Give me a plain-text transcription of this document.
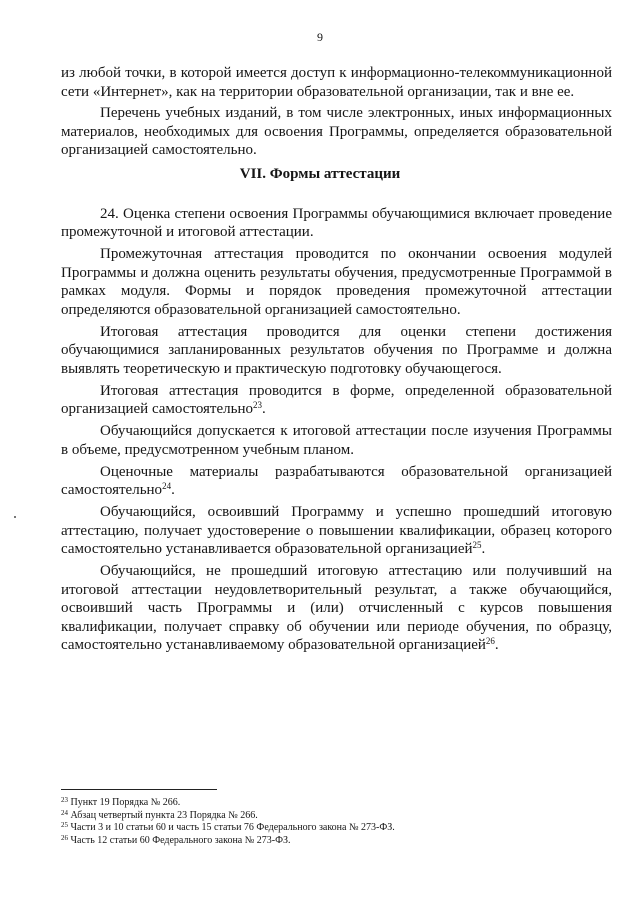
9

из любой точки, в которой имеется доступ к информационно-телекоммуникационной сети «Интернет», как на территории образовательной организации, так и вне ее.

Перечень учебных изданий, в том числе электронных, иных информационных материалов, необходимых для освоения Программы, определяется образовательной организацией самостоятельно.

VII. Формы аттестации

24. Оценка степени освоения Программы обучающимися включает проведение промежуточной и итоговой аттестации.

Промежуточная аттестация проводится по окончании освоения модулей Программы и должна оценить результаты обучения, предусмотренные Программой в рамках модуля. Формы и порядок проведения промежуточной аттестации определяются образовательной организацией самостоятельно.

Итоговая аттестация проводится для оценки степени достижения обучающимися запланированных результатов обучения по Программе и должна выявлять теоретическую и практическую подготовку обучающегося.

Итоговая аттестация проводится в форме, определенной образовательной организацией самостоятельно$^{23}$.

Обучающийся допускается к итоговой аттестации после изучения Программы в объеме, предусмотренном учебным планом.

Оценочные материалы разрабатываются образовательной организацией самостоятельно$^{24}$.

Обучающийся, освоивший Программу и успешно прошедший итоговую аттестацию, получает удостоверение о повышении квалификации, образец которого самостоятельно устанавливается образовательной организацией$^{25}$.

Обучающийся, не прошедший итоговую аттестацию или получивший на итоговой аттестации неудовлетворительный результат, а также обучающийся, освоивший часть Программы и (или) отчисленный с курсов повышения квалификации, получает справку об обучении или периоде обучения, по образцу, самостоятельно устанавливаемому образовательной организацией$^{26}$.

$^{23}$ Пункт 19 Порядка № 266.
$^{24}$ Абзац четвертый пункта 23 Порядка № 266.
$^{25}$ Части 3 и 10 статьи 60 и часть 15 статьи 76 Федерального закона № 273-ФЗ.
$^{26}$ Часть 12 статьи 60 Федерального закона № 273-ФЗ.
